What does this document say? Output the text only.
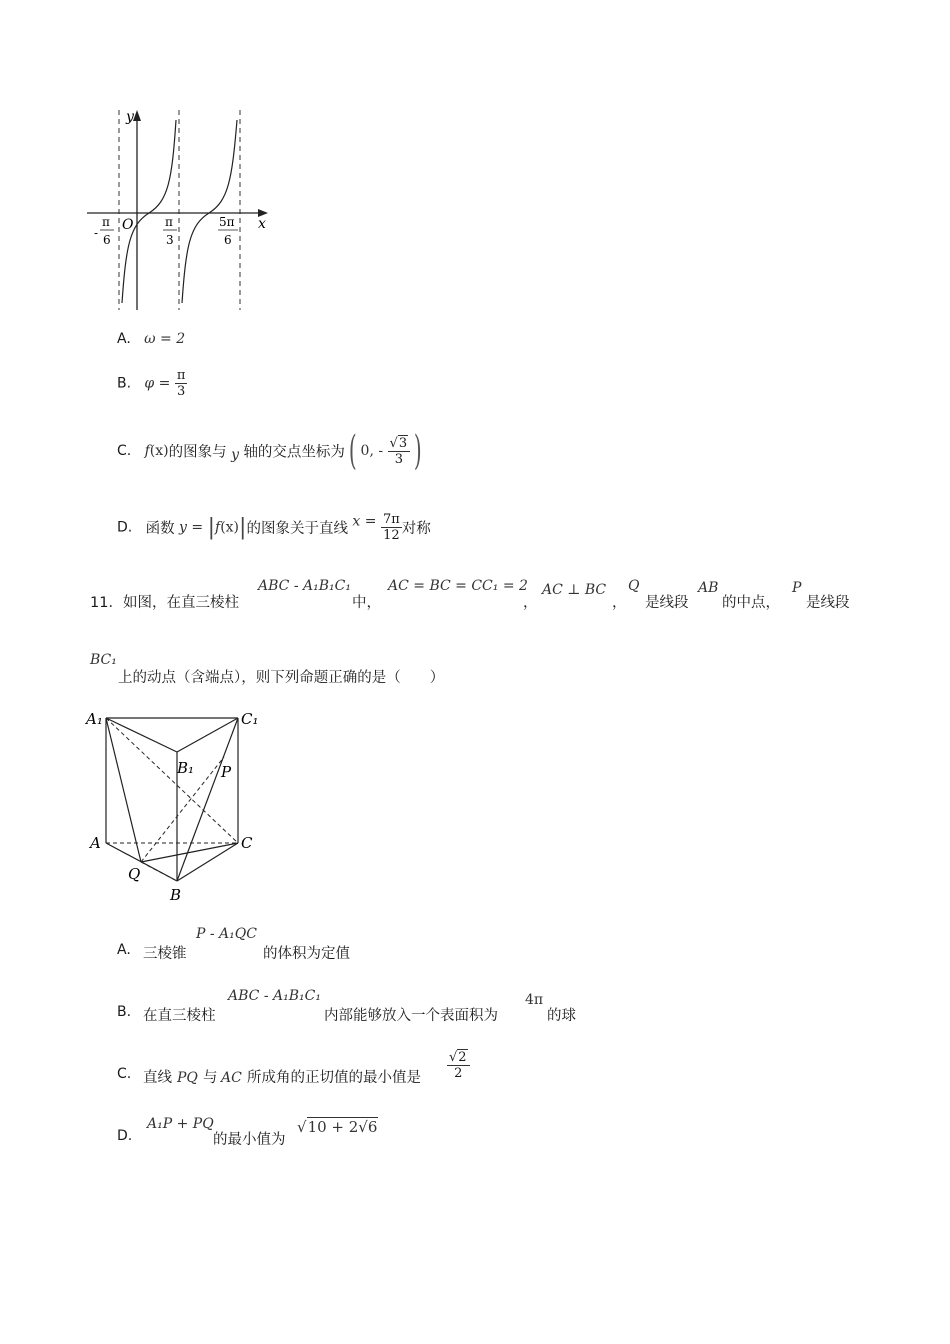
y
x
O
-
π
6
π
3
5π
6
A. ω = 2
B. $\varphi = \frac{\pi}{3}$
C. f(x)的图象与 y 轴的交点坐标为( 0, - $\frac{√3}{3}$ )
D. 函数 y = |f(x)|的图象关于直线 $x = \frac{7\pi}{12}$ 对称
11．如图，在直三棱柱
ABC - A₁B₁C₁
中，
AC = BC = CC₁ = 2
，
AC ⊥ BC
，
Q
是线段
AB
的中点，
P
是线段
BC₁
上的动点（含端点），则下列命题正确的是（　　）
A₁	C₁
B₁ P
A	C
Q
B
A. 三棱锥
P - A₁QC
的体积为定值
B. 在直三棱柱
ABC - A₁B₁C₁
内部能够放入一个表面积为
4π
的球
C. 直线 PQ 与 AC 所成角的正切值的最小值是 $\frac{√2}{2}$
D.
A₁P + PQ
的最小值为
√10 + 2√6
